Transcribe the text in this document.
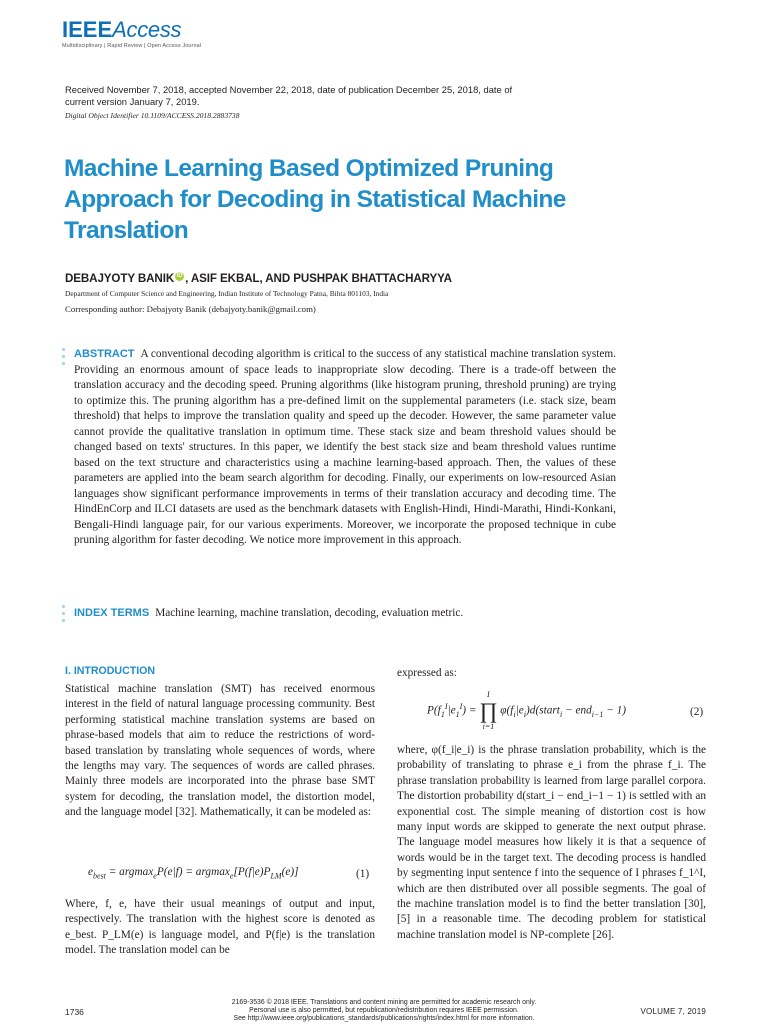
IEEEAccess
Multidisciplinary | Rapid Review | Open Access Journal
Received November 7, 2018, accepted November 22, 2018, date of publication December 25, 2018, date of current version January 7, 2019.
Digital Object Identifier 10.1109/ACCESS.2018.2883738
Machine Learning Based Optimized Pruning Approach for Decoding in Statistical Machine Translation
DEBAJYOTY BANIK iD , ASIF EKBAL, AND PUSHPAK BHATTACHARYYA
Department of Computer Science and Engineering, Indian Institute of Technology Patna, Bihta 801103, India
Corresponding author: Debajyoty Banik (debajyoty.banik@gmail.com)

ABSTRACT A conventional decoding algorithm is critical to the success of any statistical machine translation system. Providing an enormous amount of space leads to inappropriate slow decoding. There is a trade-off between the translation accuracy and the decoding speed. Pruning algorithms (like histogram pruning, threshold pruning) are trying to optimize this. The pruning algorithm has a pre-defined limit on the supplemental parameters (i.e. stack size, beam threshold) that helps to improve the translation quality and speed up the decoder. However, the same parameter value cannot provide the qualitative translation in optimum time. These stack size and beam threshold values should be changed based on texts' structures. In this paper, we identify the best stack size and beam threshold values runtime based on the text structure and characteristics using a machine learning-based approach. Then, the values of these parameters are applied into the beam search algorithm for decoding. Finally, our experiments on low-resourced Asian languages show significant performance improvements in terms of their translation accuracy and decoding time. The HindEnCorp and ILCI datasets are used as the benchmark datasets with English-Hindi, Hindi-Marathi, Hindi-Konkani, Bengali-Hindi language pair, for our various experiments. Moreover, we incorporate the proposed technique in cube pruning algorithm for faster decoding. We notice more improvement in this approach.

INDEX TERMS Machine learning, machine translation, decoding, evaluation metric.
I. INTRODUCTION

Statistical machine translation (SMT) has received enormous interest in the field of natural language processing community. Best performing statistical machine translation systems are based on phrase-based models that aim to reduce the restrictions of word-based translation by translating whole sequences of words, where the lengths may vary. The sequences of words are called phrases. Mainly three models are incorporated into the phrase base SMT system for decoding, the translation model, the distortion model, and the language model [32]. Mathematically, it can be modeled as:

$e_{best} = argmax_eP(e|f) = argmax_e[P(f|e)P_{LM}(e)]$	(1)

Where, f, e, have their usual meanings of output and input, respectively. The translation with the highest score is denoted as e_best. P_LM(e) is language model, and P(f|e) is the translation model. The translation model can be

expressed as:

$P(f_1^I|e_1^I)$ =
I
∏
i=1
$\varphi(f_i|e_i)d(start_i - end_{i-1} - 1)$	(2)

where, φ(f_i|e_i) is the phrase translation probability, which is the probability of translating to phrase e_i from the phrase f_i. The phrase translation probability is learned from large parallel corpora. The distortion probability d(start_i − end_i−1 − 1) is settled with an exponential cost. The simple meaning of distortion cost is how many input words are skipped to generate the next output phrase. The language model measures how likely it is that a sequence of words would be in the target text. The decoding process is handled by segmenting input sentence f into the sequence of I phrases f_1^I, which are then distributed over all possible segments. The goal of the machine translation model is to find the better translation [30], [5] in a reasonable time. The decoding problem for statistical machine translation model is NP-complete [26].

1736
2169-3536 © 2018 IEEE. Translations and content mining are permitted for academic research only.
Personal use is also permitted, but republication/redistribution requires IEEE permission.
See http://www.ieee.org/publications_standards/publications/rights/index.html for more information.
VOLUME 7, 2019
